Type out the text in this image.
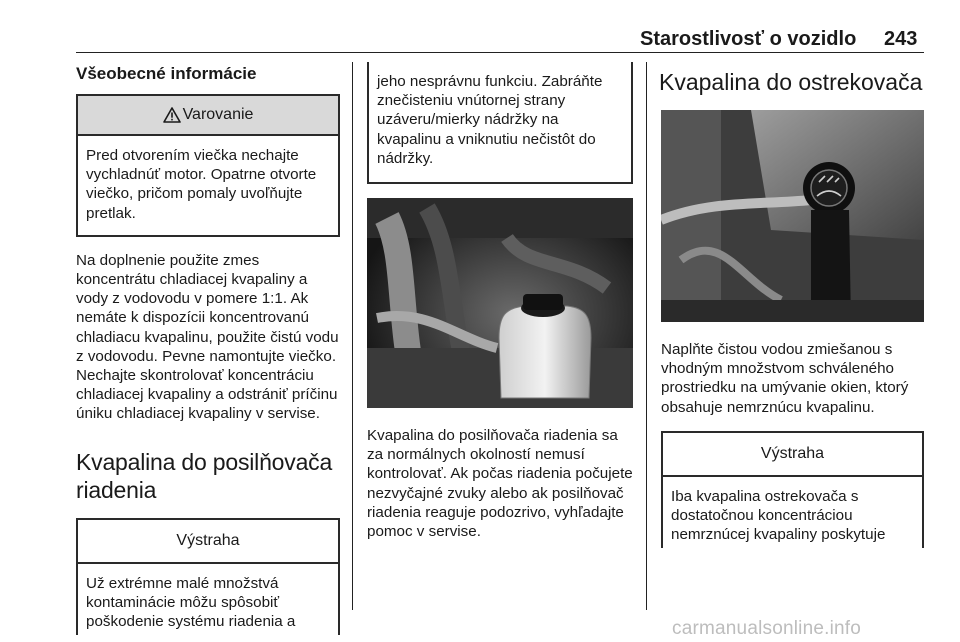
Starostlivosť o vozidlo 243
Všeobecné informácie
Varovanie
Pred otvorením viečka nechajte vychladnúť motor. Opatrne otvorte viečko, pričom pomaly uvoľňujte pretlak.
Na doplnenie použite zmes koncentrátu chladiacej kvapaliny a vody z vodovodu v pomere 1:1. Ak nemáte k dispozícii koncentrovanú chladiacu kvapalinu, použite čistú vodu z vodovodu. Pevne namontujte viečko. Nechajte skontrolovať koncentráciu chladiacej kvapaliny a odstrániť príčinu úniku chladiacej kvapaliny v servise.
Kvapalina do posilňovača riadenia
Výstraha
Už extrémne malé množstvá kontaminácie môžu spôsobiť poškodenie systému riadenia a
jeho nesprávnu funkciu. Zabráňte znečisteniu vnútornej strany uzáveru/mierky nádržky na kvapalinu a vniknutiu nečistôt do nádržky.
Kvapalina do posilňovača riadenia sa za normálnych okolností nemusí kontrolovať. Ak počas riadenia počujete nezvyčajné zvuky alebo ak posilňovač riadenia reaguje podozrivo, vyhľadajte pomoc v servise.
Kvapalina do ostrekovača
Naplňte čistou vodou zmiešanou s vhodným množstvom schváleného prostriedku na umývanie okien, ktorý obsahuje nemrznúcu kvapalinu.
Výstraha
Iba kvapalina ostrekovača s dostatočnou koncentráciou nemrznúcej kvapaliny poskytuje
carmanualsonline.info
